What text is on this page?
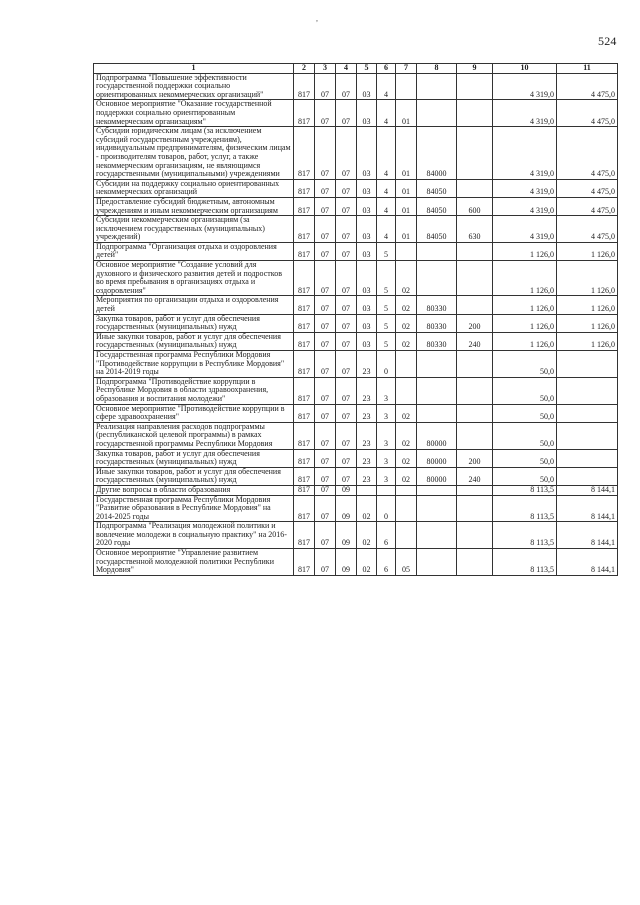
,
524
1	2	3	4	5	6	7	8	9	10	11
Подпрограмма "Повышение эффективности государственной поддержки социально ориентированных некоммерческих организаций"	817	07	07	03	4				4 319,0	4 475,0
Основное мероприятие "Оказание государственной поддержки социально ориентированным некоммерческим организациям"	817	07	07	03	4	01			4 319,0	4 475,0
Субсидии юридическим лицам (за исключением субсидий государственным учреждениям), индивидуальным предпринимателям, физическим лицам - производителям товаров, работ, услуг, а также некоммерческим организациям, не являющимся государственными (муниципальными) учреждениями	817	07	07	03	4	01	84000		4 319,0	4 475,0
Субсидии на поддержку социально ориентированных некоммерческих организаций	817	07	07	03	4	01	84050		4 319,0	4 475,0
Предоставление субсидий бюджетным, автономным учреждениям и иным некоммерческим организациям	817	07	07	03	4	01	84050	600	4 319,0	4 475,0
Субсидии некоммерческим организациям (за исключением государственных (муниципальных) учреждений)	817	07	07	03	4	01	84050	630	4 319,0	4 475,0
Подпрограмма "Организация отдыха и оздоровления детей"	817	07	07	03	5				1 126,0	1 126,0
Основное мероприятие "Создание условий для духовного и физического развития детей и подростков во время пребывания в организациях отдыха и оздоровления"	817	07	07	03	5	02			1 126,0	1 126,0
Мероприятия по организации отдыха и оздоровления детей	817	07	07	03	5	02	80330		1 126,0	1 126,0
Закупка товаров, работ и услуг для обеспечения государственных (муниципальных) нужд	817	07	07	03	5	02	80330	200	1 126,0	1 126,0
Иные закупки товаров, работ и услуг для обеспечения государственных (муниципальных) нужд	817	07	07	03	5	02	80330	240	1 126,0	1 126,0
Государственная программа Республики Мордовия "Противодействие коррупции в Республике Мордовия" на 2014-2019 годы	817	07	07	23	0				50,0	
Подпрограмма "Противодействие коррупции в Республике Мордовия в области здравоохранения, образования и воспитания молодежи"	817	07	07	23	3				50,0	
Основное мероприятие "Противодействие коррупции в сфере здравоохранения"	817	07	07	23	3	02			50,0	
Реализация направления расходов подпрограммы (республиканской целевой программы) в рамках государственной программы Республики Мордовия	817	07	07	23	3	02	80000		50,0	
Закупка товаров, работ и услуг для обеспечения государственных (муниципальных) нужд	817	07	07	23	3	02	80000	200	50,0	
Иные закупки товаров, работ и услуг для обеспечения государственных (муниципальных) нужд	817	07	07	23	3	02	80000	240	50,0	
Другие вопросы в области образования	817	07	09						8 113,5	8 144,1
Государственная программа Республики Мордовия "Развитие образования в Республике Мордовия" на 2014-2025 годы	817	07	09	02	0				8 113,5	8 144,1
Подпрограмма "Реализация молодежной политики и вовлечение молодежи в социальную практику" на 2016-2020 годы	817	07	09	02	6				8 113,5	8 144,1
Основное мероприятие "Управление развитием государственной молодежной политики Республики Мордовия"	817	07	09	02	6	05			8 113,5	8 144,1
